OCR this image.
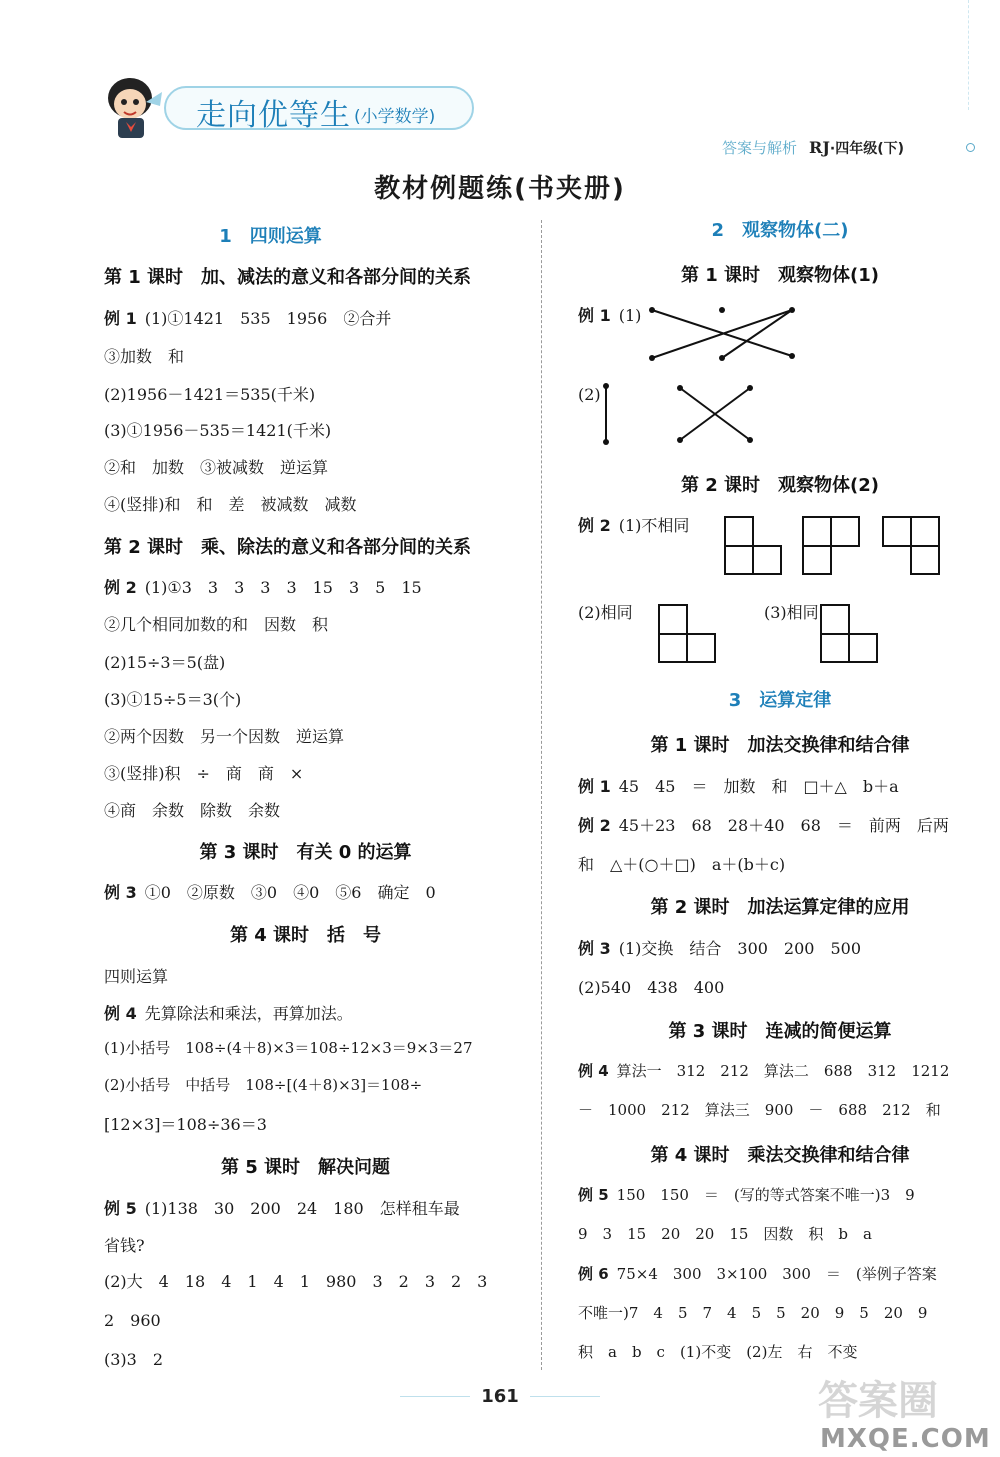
走向优等生 (小学数学)
答案与解析 RJ·四年级(下)
教材例题练(书夹册)
1　四则运算
第 1 课时　加、减法的意义和各部分间的关系
例 1 (1)①1421　535　1956　②合并
③加数　和
(2)1956－1421＝535(千米)
(3)①1956－535＝1421(千米)
②和　加数　③被减数　逆运算
④(竖排)和　和　差　被减数　减数
第 2 课时　乘、除法的意义和各部分间的关系
例 2 (1)①3　3　3　3　3　15　3　5　15
②几个相同加数的和　因数　积
(2)15÷3＝5(盘)
(3)①15÷5＝3(个)
②两个因数　另一个因数　逆运算
③(竖排)积　÷　商　商　×
④商　余数　除数　余数
第 3 课时　有关 0 的运算
例 3 ①0　②原数　③0　④0　⑤6　确定　0
第 4 课时　括　号
四则运算
例 4 先算除法和乘法，再算加法。
(1)小括号　108÷(4＋8)×3＝108÷12×3＝9×3＝27
(2)小括号　中括号　108÷[(4＋8)×3]＝108÷
[12×3]＝108÷36＝3
第 5 课时　解决问题
例 5 (1)138　30　200　24　180　怎样租车最
省钱?
(2)大　4　18　4　1　4　1　980　3　2　3　2　3
2　960
(3)3　2
2　观察物体(二)
第 1 课时　观察物体(1)
例 1 (1)
(2)
第 2 课时　观察物体(2)
例 2 (1)不相同
(2)相同	(3)相同
3　运算定律
第 1 课时　加法交换律和结合律
例 1 45　45　＝　加数　和　□＋△　b＋a
例 2 45＋23　68　28＋40　68　＝　前两　后两
和　△＋(○＋□)　a＋(b＋c)
第 2 课时　加法运算定律的应用
例 3 (1)交换　结合　300　200　500
(2)540　438　400
第 3 课时　连减的简便运算
例 4 算法一　312　212　算法二　688　312　1212
－　1000　212　算法三　900　－　688　212　和
第 4 课时　乘法交换律和结合律
例 5 150　150　＝　(写的等式答案不唯一)3　9
9　3　15　20　20　15　因数　积　b　a
例 6 75×4　300　3×100　300　＝　(举例子答案
不唯一)7　4　5　7　4　5　5　20　9　5　20　9
积　a　b　c　(1)不变　(2)左　右　不变
161	答案圈
MXQE.COM
